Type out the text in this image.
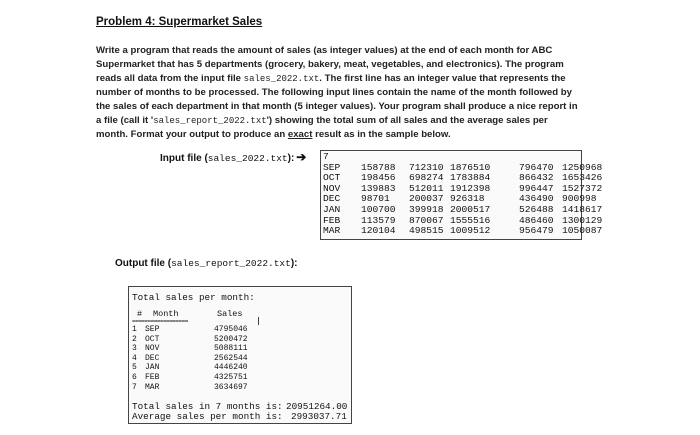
Problem 4: Supermarket Sales
Write a program that reads the amount of sales (as integer values) at the end of each month for ABC
Supermarket that has 5 departments (grocery, bakery, meat, vegetables, and electronics). The program
reads all data from the input file sales_2022.txt. The first line has an integer value that represents the
number of months to be processed. The following input lines contain the name of the month followed by
the sales of each department in that month (5 integer values). Your program shall produce a nice report in
a file (call it 'sales_report_2022.txt') showing the total sum of all sales and the average sales per
month. Format your output to produce an exact result as in the sample below.
Input file (sales_2022.txt): ➔ 7
SEP 158788 712310 1876510	796470 1250968
OCT 198456 698274 1783884	866432 1653426
NOV 139883 512011 1912398	996447 1527372
DEC 98701 200037 926318	436490 900998
JAN 100700 399918 2000517	526488 1418617
FEB 113579 870067 1555516	486460 1300129
MAR 120104 498515 1009512	956479 1050087
Output file (sales_report_2022.txt):
Total sales per month:
# Month	Sales
==================
1 SEP	4795046
2 OCT	5200472
3 NOV	5088111
4 DEC	2562544
5 JAN	4446240
6 FEB	4325751
7 MAR	3634697
Total sales in 7 months is: 20951264.00
Average sales per month is: 2993037.71
